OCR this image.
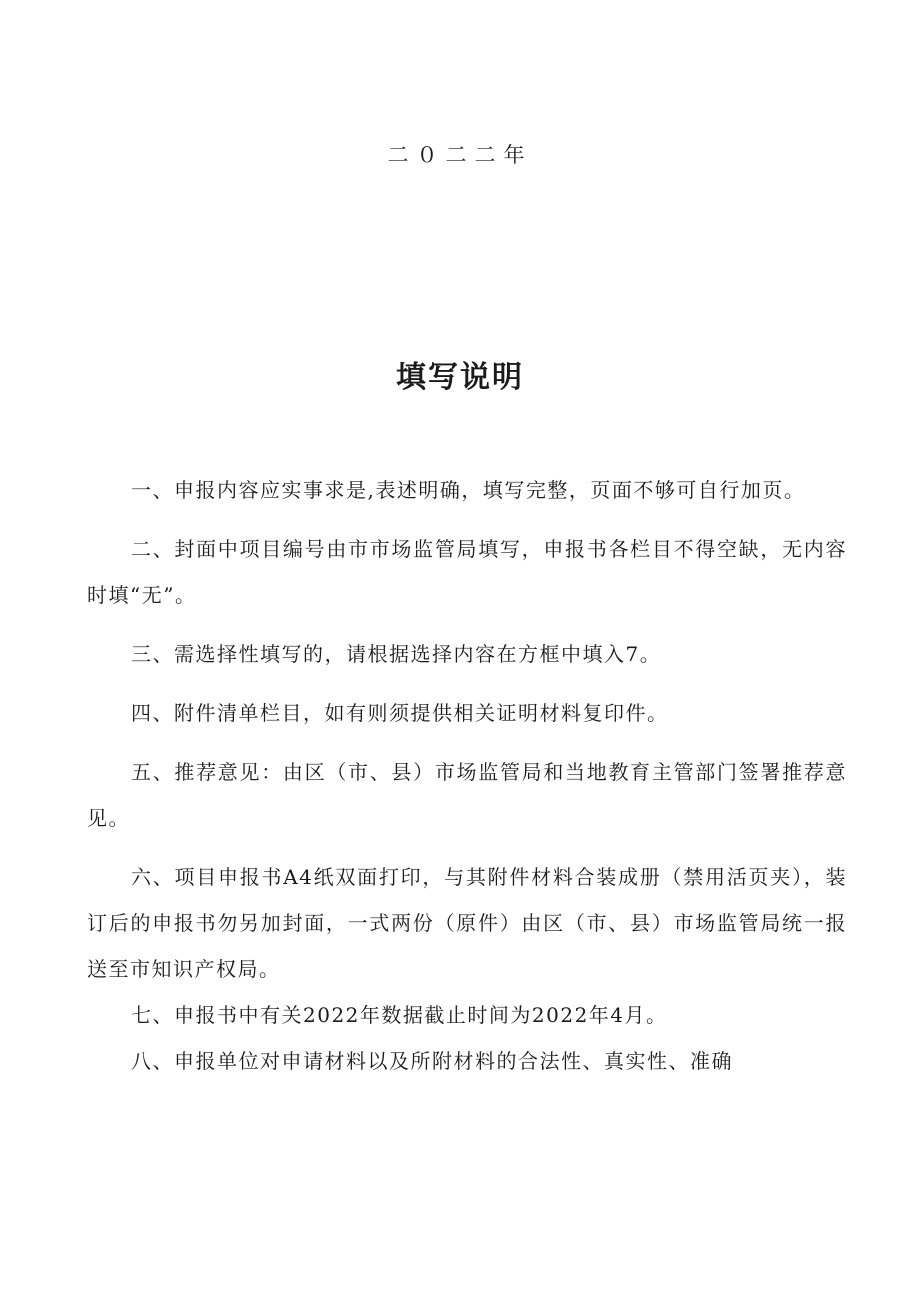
二０二二年
填写说明

一、申报内容应实事求是,表述明确，填写完整，页面不够可自行加页。

二、封面中项目编号由市市场监管局填写，申报书各栏目不得空缺，无内容时填“无”。

三、需选择性填写的，请根据选择内容在方框中填入7。

四、附件清单栏目，如有则须提供相关证明材料复印件。

五、推荐意见：由区（市、县）市场监管局和当地教育主管部门签署推荐意见。

六、项目申报书A4纸双面打印，与其附件材料合装成册（禁用活页夹），装订后的申报书勿另加封面，一式两份（原件）由区（市、县）市场监管局统一报送至市知识产权局。

七、申报书中有关2022年数据截止时间为2022年4月。

八、申报单位对申请材料以及所附材料的合法性、真实性、准确
